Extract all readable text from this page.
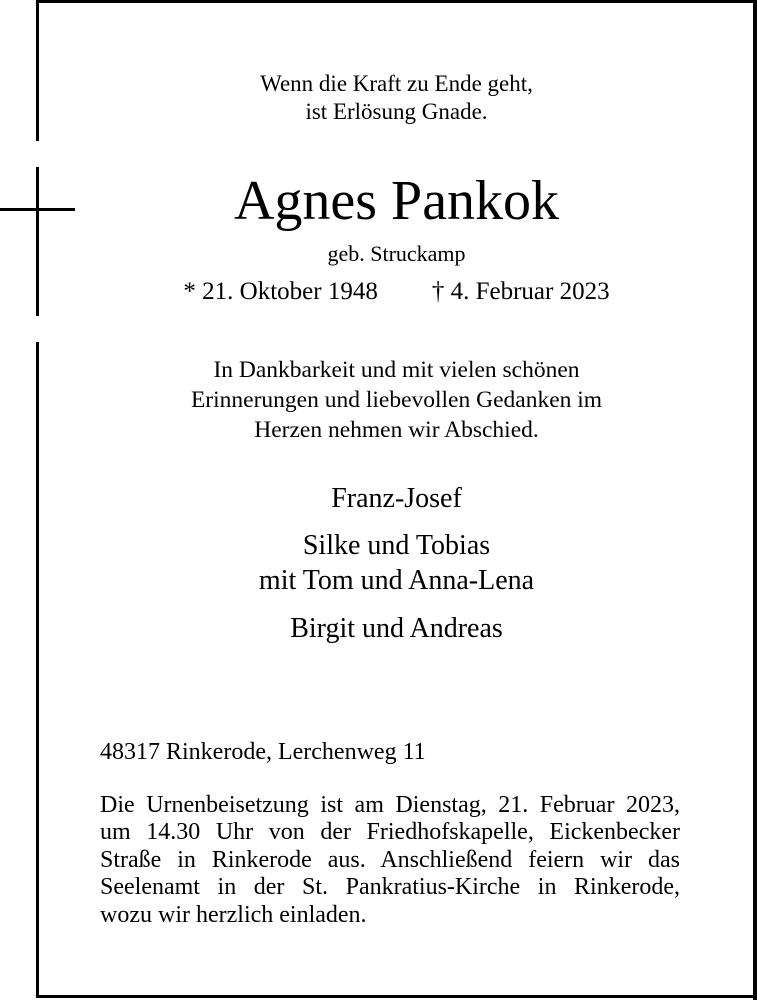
Wenn die Kraft zu Ende geht,
ist Erlösung Gnade.

Agnes Pankok

geb. Struckamp

* 21. Oktober 1948 † 4. Februar 2023

In Dankbarkeit und mit vielen schönen
Erinnerungen und liebevollen Gedanken im
Herzen nehmen wir Abschied.

Franz-Josef

Silke und Tobias
mit Tom und Anna-Lena

Birgit und Andreas

48317 Rinkerode, Lerchenweg 11

Die Urnenbeisetzung ist am Dienstag, 21. Februar 2023,
um 14.30 Uhr von der Friedhofskapelle, Eickenbecker
Straße in Rinkerode aus. Anschließend feiern wir das
Seelenamt in der St. Pankratius-Kirche in Rinkerode,
wozu wir herzlich einladen.
